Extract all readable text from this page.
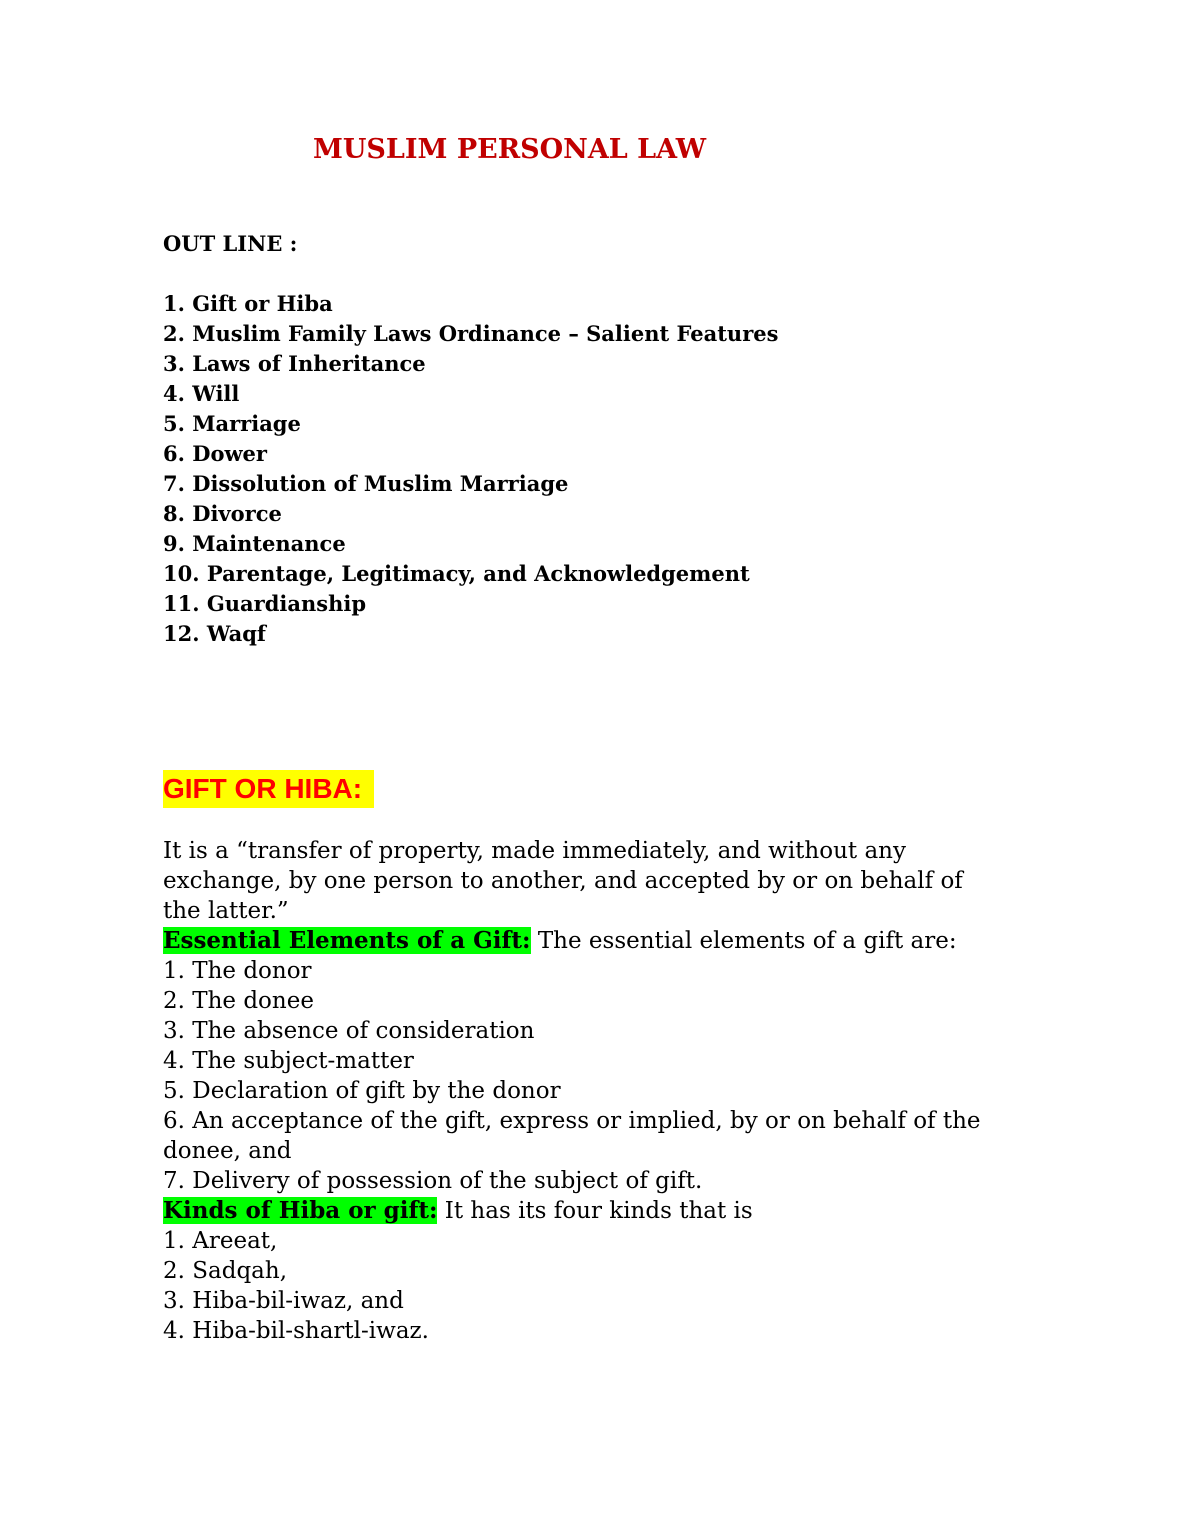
MUSLIM PERSONAL LAW
OUT LINE :
1. Gift or Hiba
2. Muslim Family Laws Ordinance – Salient Features
3. Laws of Inheritance
4. Will
5. Marriage
6. Dower
7. Dissolution of Muslim Marriage
8. Divorce
9. Maintenance
10. Parentage, Legitimacy, and Acknowledgement
11. Guardianship
12. Waqf
GIFT OR HIBA:

It is a “transfer of property, made immediately, and without any
exchange, by one person to another, and accepted by or on behalf of
the latter.”

Essential Elements of a Gift: The essential elements of a gift are:

1. The donor
2. The donee
3. The absence of consideration
4. The subject-matter
5. Declaration of gift by the donor
6. An acceptance of the gift, express or implied, by or on behalf of the
donee, and
7. Delivery of possession of the subject of gift.

Kinds of Hiba or gift: It has its four kinds that is

1. Areeat,
2. Sadqah,
3. Hiba-bil-iwaz, and
4. Hiba-bil-shartl-iwaz.
